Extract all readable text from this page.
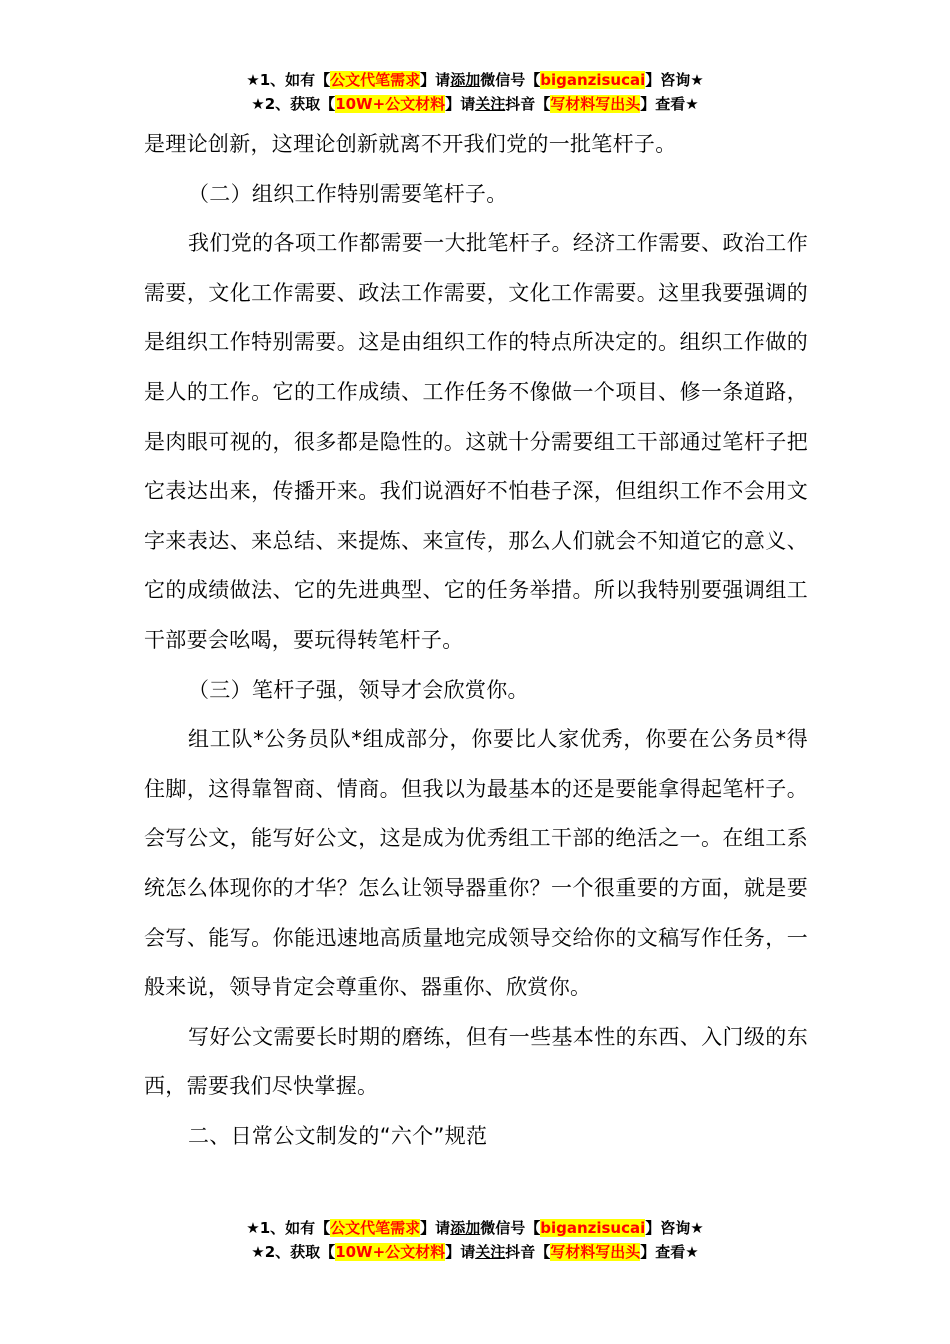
★1、如有【公文代笔需求】请添加微信号【biganzisucai】咨询★
★2、获取【10W+公文材料】请关注抖音【写材料写出头】查看★

是理论创新，这理论创新就离不开我们党的一批笔杆子。

（二）组织工作特别需要笔杆子。

我们党的各项工作都需要一大批笔杆子。经济工作需要、政治工作需要，文化工作需要、政法工作需要，文化工作需要。这里我要强调的是组织工作特别需要。这是由组织工作的特点所决定的。组织工作做的是人的工作。它的工作成绩、工作任务不像做一个项目、修一条道路，是肉眼可视的，很多都是隐性的。这就十分需要组工干部通过笔杆子把它表达出来，传播开来。我们说酒好不怕巷子深，但组织工作不会用文字来表达、来总结、来提炼、来宣传，那么人们就会不知道它的意义、它的成绩做法、它的先进典型、它的任务举措。所以我特别要强调组工干部要会吆喝，要玩得转笔杆子。

（三）笔杆子强，领导才会欣赏你。

组工队*公务员队*组成部分，你要比人家优秀，你要在公务员*得住脚，这得靠智商、情商。但我以为最基本的还是要能拿得起笔杆子。会写公文，能写好公文，这是成为优秀组工干部的绝活之一。在组工系统怎么体现你的才华？怎么让领导器重你？一个很重要的方面，就是要会写、能写。你能迅速地高质量地完成领导交给你的文稿写作任务，一般来说，领导肯定会尊重你、器重你、欣赏你。

写好公文需要长时期的磨练，但有一些基本性的东西、入门级的东西，需要我们尽快掌握。

二、日常公文制发的“六个”规范

★1、如有【公文代笔需求】请添加微信号【biganzisucai】咨询★
★2、获取【10W+公文材料】请关注抖音【写材料写出头】查看★
